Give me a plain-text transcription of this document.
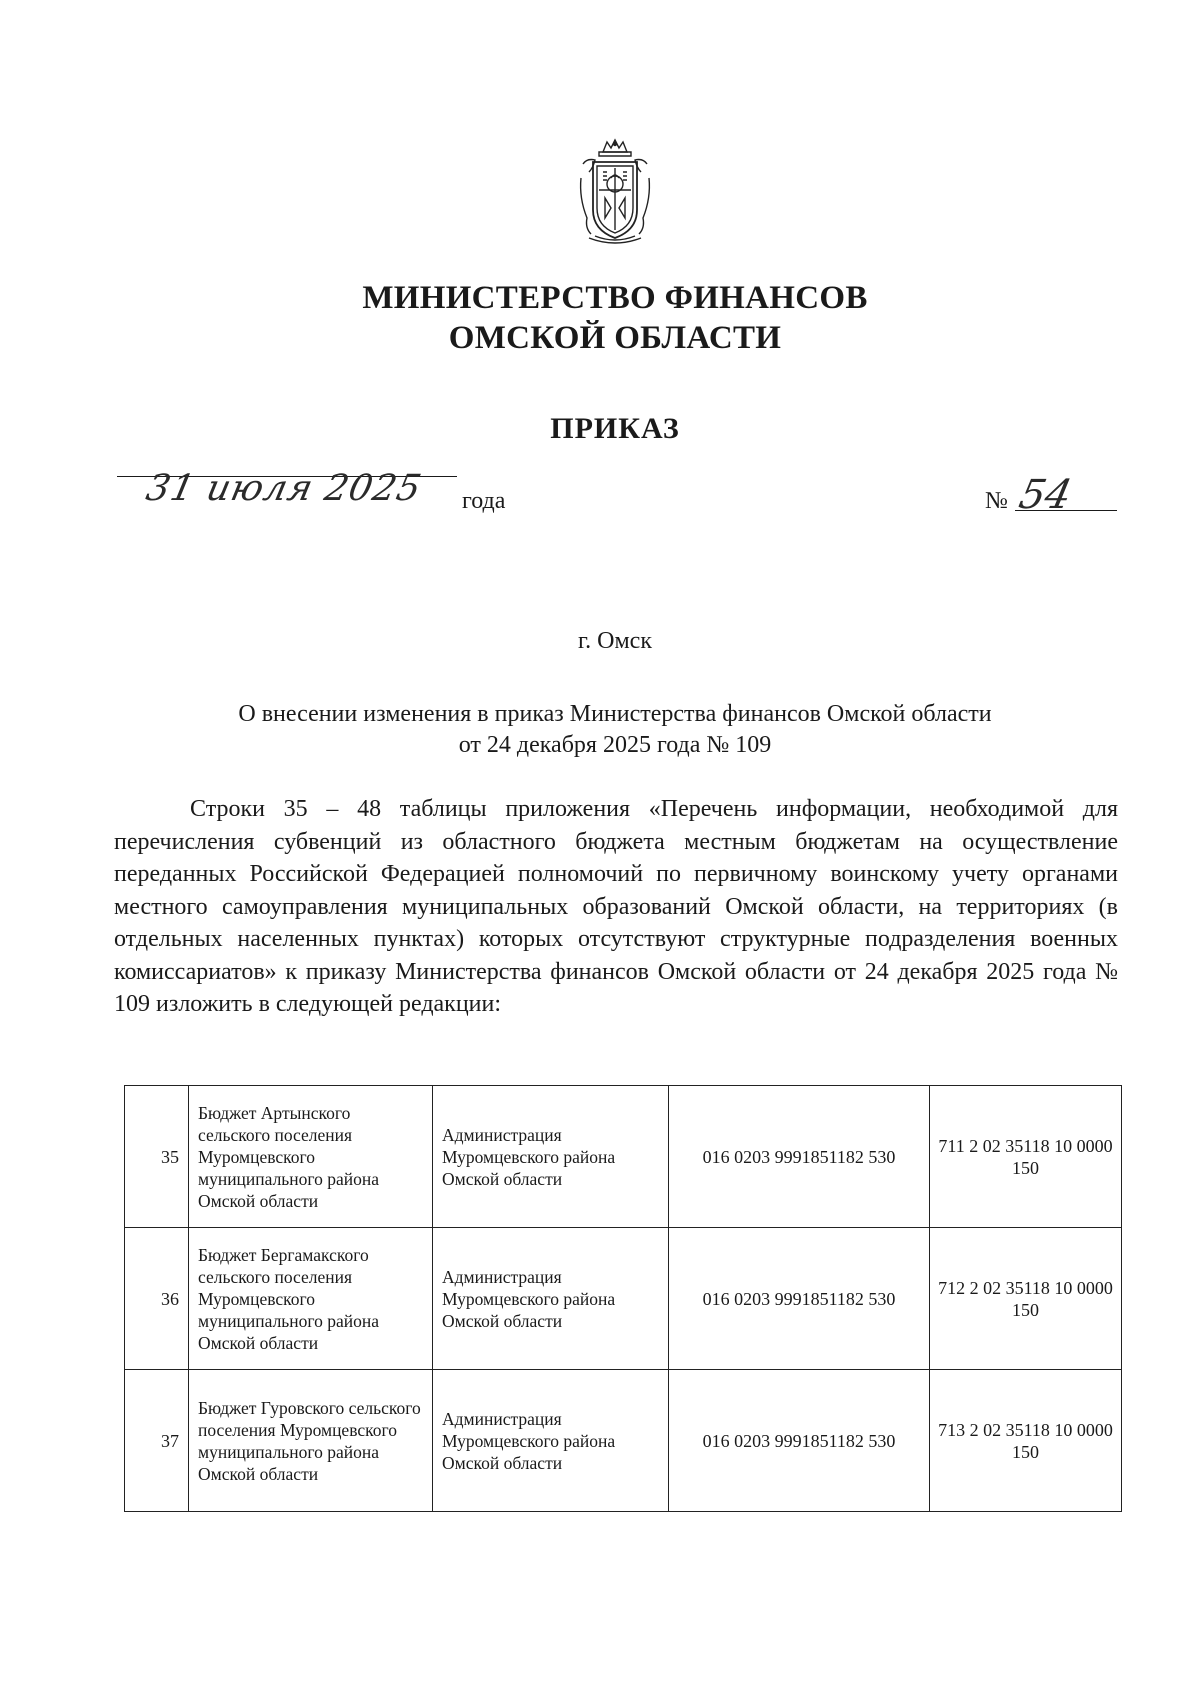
МИНИСТЕРСТВО ФИНАНСОВ
ОМСКОЙ ОБЛАСТИ
ПРИКАЗ
31 июля 2025 года	№ 54
г. Омск
О внесении изменения в приказ Министерства финансов Омской области
от 24 декабря 2025 года № 109
Строки 35 – 48 таблицы приложения «Перечень информации, необходимой для перечисления субвенций из областного бюджета местным бюджетам на осуществление переданных Российской Федерацией полномочий по первичному воинскому учету органами местного самоуправления муниципальных образований Омской области, на территориях (в отдельных населенных пунктах) которых отсутствуют структурные подразделения военных комиссариатов» к приказу Министерства финансов Омской области от 24 декабря 2025 года № 109 изложить в следующей редакции:
35	Бюджет Артынского сельского поселения Муромцевского муниципального района Омской области	Администрация Муромцевского района Омской области	016 0203 9991851182 530	711 2 02 35118 10 0000 150
36	Бюджет Бергамакского сельского поселения Муромцевского муниципального района Омской области	Администрация Муромцевского района Омской области	016 0203 9991851182 530	712 2 02 35118 10 0000 150
37	Бюджет Гуровского сельского поселения Муромцевского муниципального района Омской области	Администрация Муромцевского района Омской области	016 0203 9991851182 530	713 2 02 35118 10 0000 150
